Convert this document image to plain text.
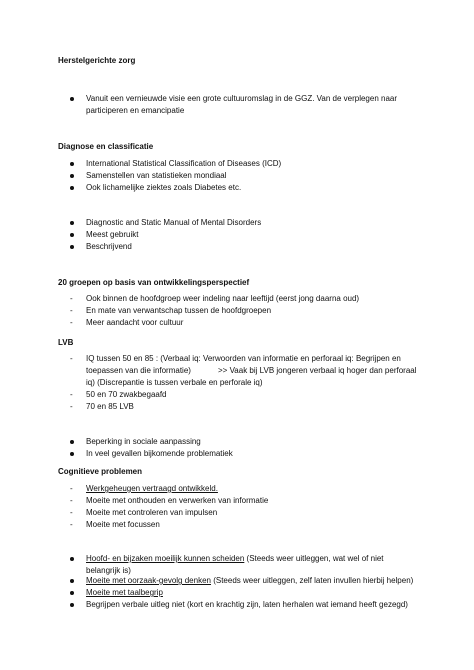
Herstelgerichte zorg
Vanuit een vernieuwde visie een grote cultuuromslag in de GGZ. Van de verplegen naar
participeren en emancipatie
Diagnose en classificatie
International Statistical Classification of Diseases (ICD)
Samenstellen van statistieken mondiaal
Ook lichamelijke ziektes zoals Diabetes etc.
Diagnostic and Static Manual of Mental Disorders
Meest gebruikt
Beschrijvend
20 groepen op basis van ontwikkelingsperspectief
- Ook binnen de hoofdgroep weer indeling naar leeftijd (eerst jong daarna oud)
- En mate van verwantschap tussen de hoofdgroepen
- Meer aandacht voor cultuur
LVB
- IQ tussen 50 en 85 : (Verbaal iq: Verwoorden van informatie en perforaal iq: Begrijpen en
toepassen van die informatie)	>> Vaak bij LVB jongeren verbaal iq hoger dan perforaal
iq) (Discrepantie is tussen verbale en perforale iq)
- 50 en 70 zwakbegaafd
- 70 en 85 LVB
Beperking in sociale aanpassing
In veel gevallen bijkomende problematiek
Cognitieve problemen
- Werkgeheugen vertraagd ontwikkeld.
- Moeite met onthouden en verwerken van informatie
- Moeite met controleren van impulsen
- Moeite met focussen
Hoofd- en bijzaken moeilijk kunnen scheiden (Steeds weer uitleggen, wat wel of niet
belangrijk is)
Moeite met oorzaak-gevolg denken (Steeds weer uitleggen, zelf laten invullen hierbij helpen)
Moeite met taalbegrip
Begrijpen verbale uitleg niet (kort en krachtig zijn, laten herhalen wat iemand heeft gezegd)
